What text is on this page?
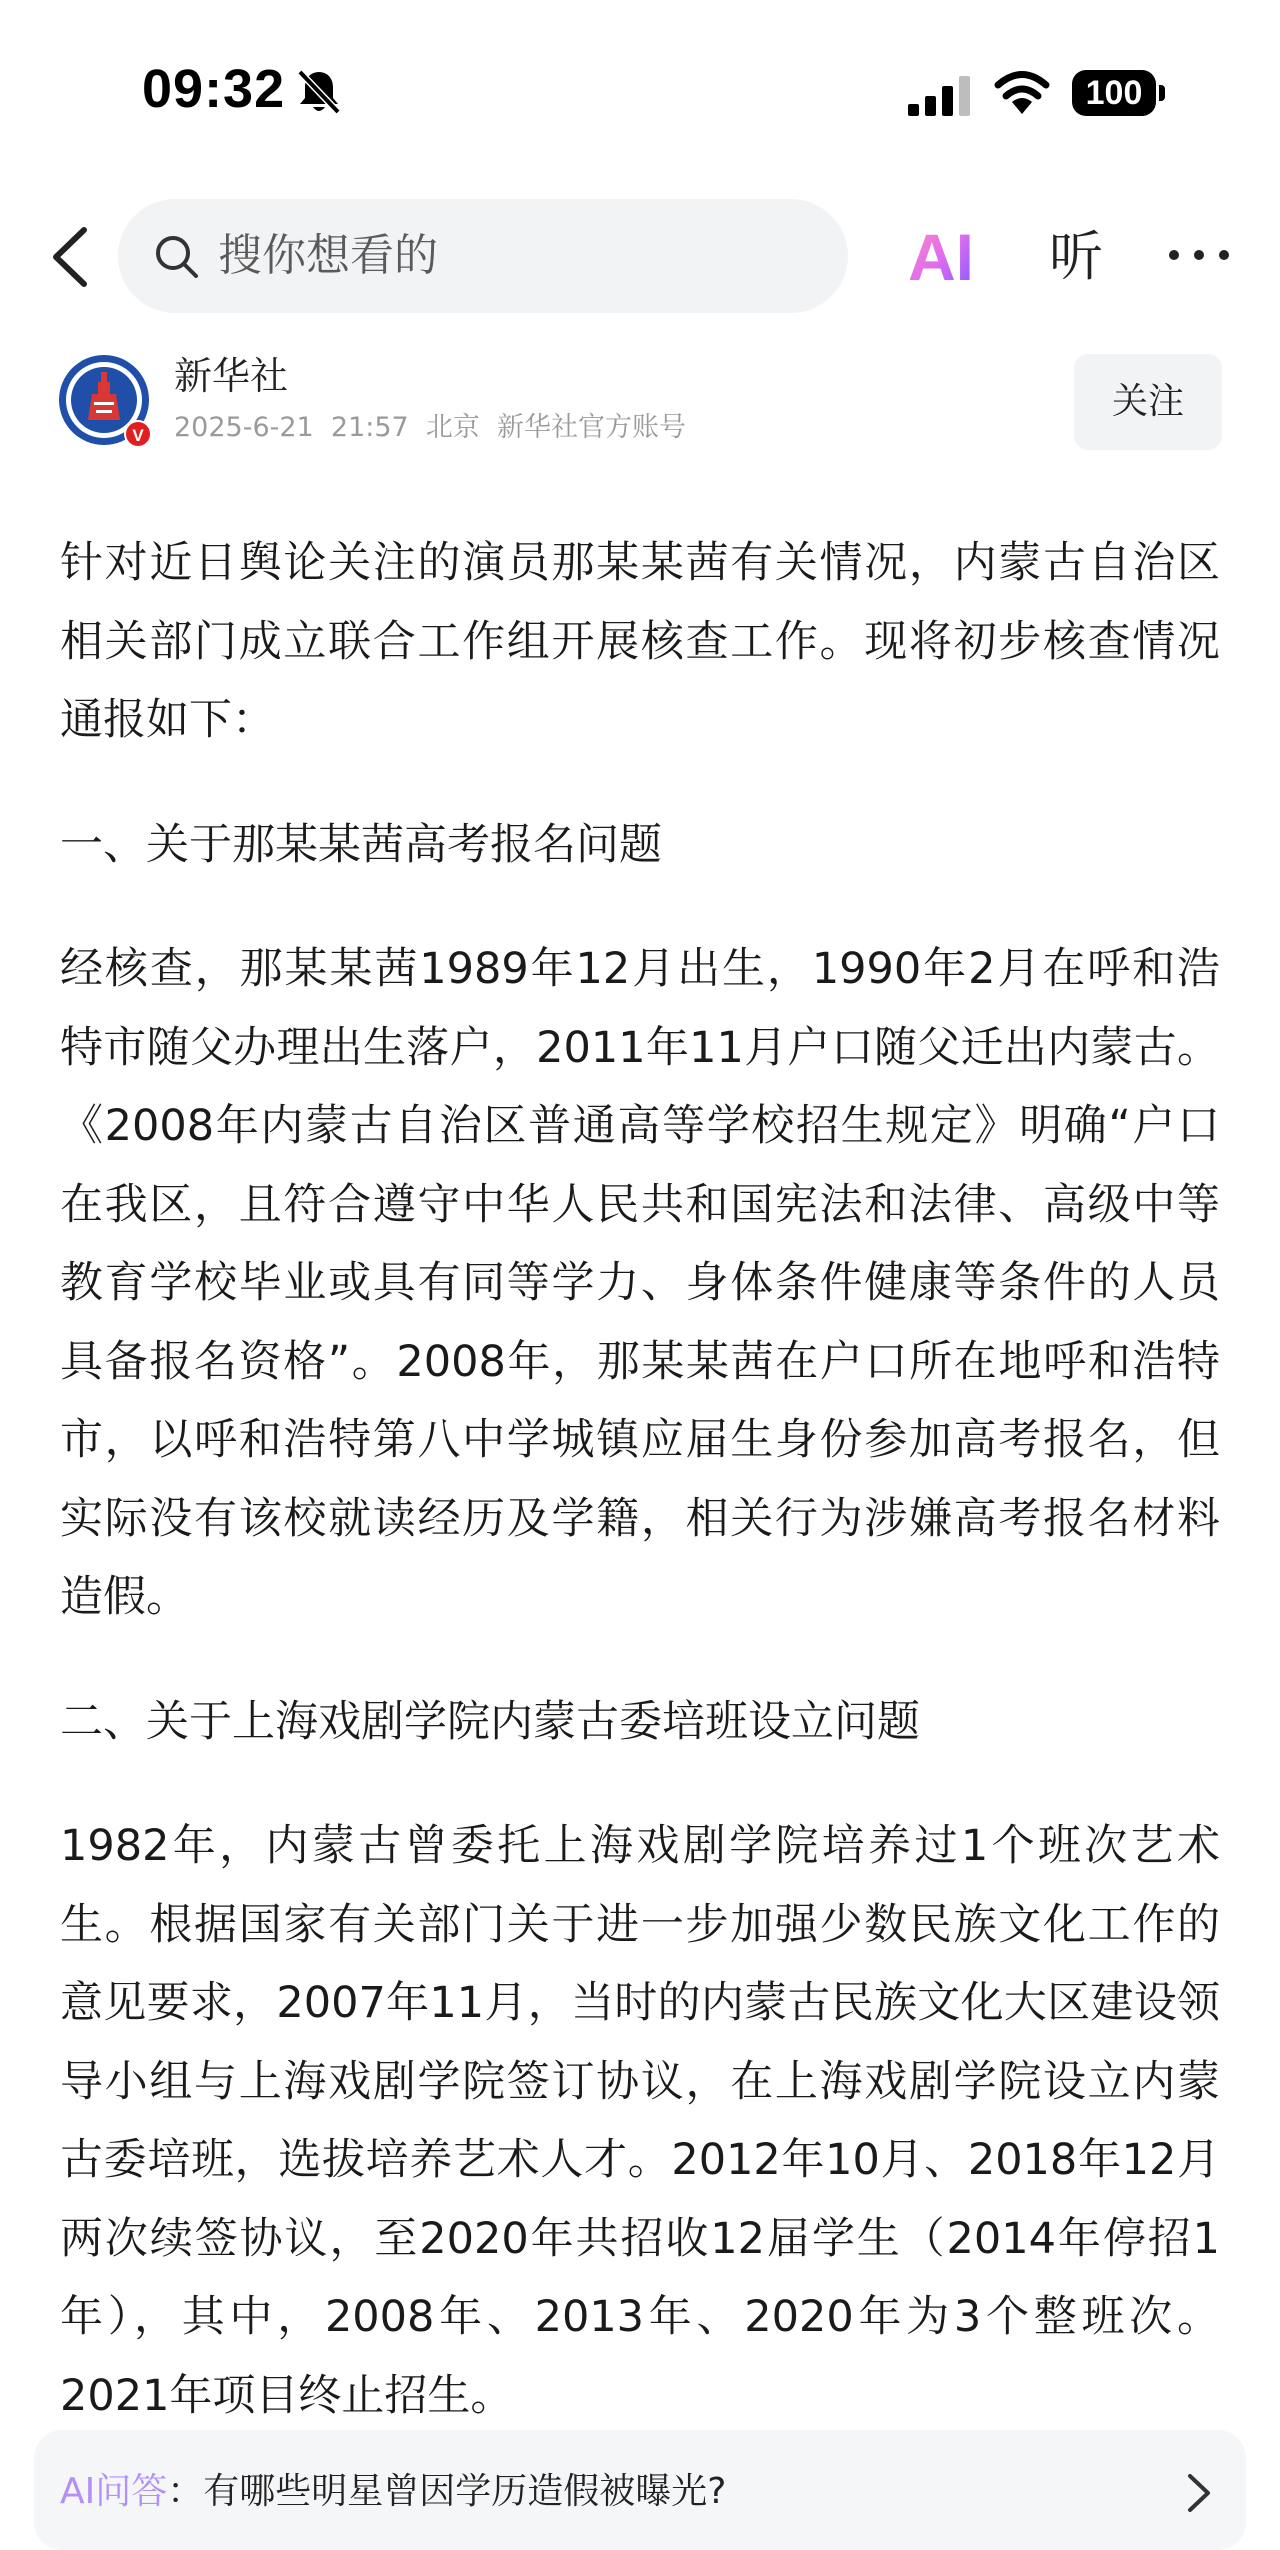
09:32	100
搜你想看的	AI 听
V
新华社
2025-6-21  21:57  北京  新华社官方账号
关注

针对近日舆论关注的演员那某某茜有关情况，内蒙古自治区相关部门成立联合工作组开展核查工作。现将初步核查情况通报如下：

一、关于那某某茜高考报名问题

经核查，那某某茜1989年12月出生，1990年2月在呼和浩特市随父办理出生落户，2011年11月户口随父迁出内蒙古。《2008年内蒙古自治区普通高等学校招生规定》明确“户口在我区，且符合遵守中华人民共和国宪法和法律、高级中等教育学校毕业或具有同等学力、身体条件健康等条件的人员具备报名资格”。2008年，那某某茜在户口所在地呼和浩特市，以呼和浩特第八中学城镇应届生身份参加高考报名，但实际没有该校就读经历及学籍，相关行为涉嫌高考报名材料造假。

二、关于上海戏剧学院内蒙古委培班设立问题

1982年，内蒙古曾委托上海戏剧学院培养过1个班次艺术生。根据国家有关部门关于进一步加强少数民族文化工作的意见要求，2007年11月，当时的内蒙古民族文化大区建设领导小组与上海戏剧学院签订协议，在上海戏剧学院设立内蒙古委培班，选拔培养艺术人才。2012年10月、2018年12月两次续签协议，至2020年共招收12届学生（2014年停招1年），其中，2008年、2013年、2020年为3个整班次。2021年项目终止招生。

AI问答：有哪些明星曾因学历造假被曝光?
